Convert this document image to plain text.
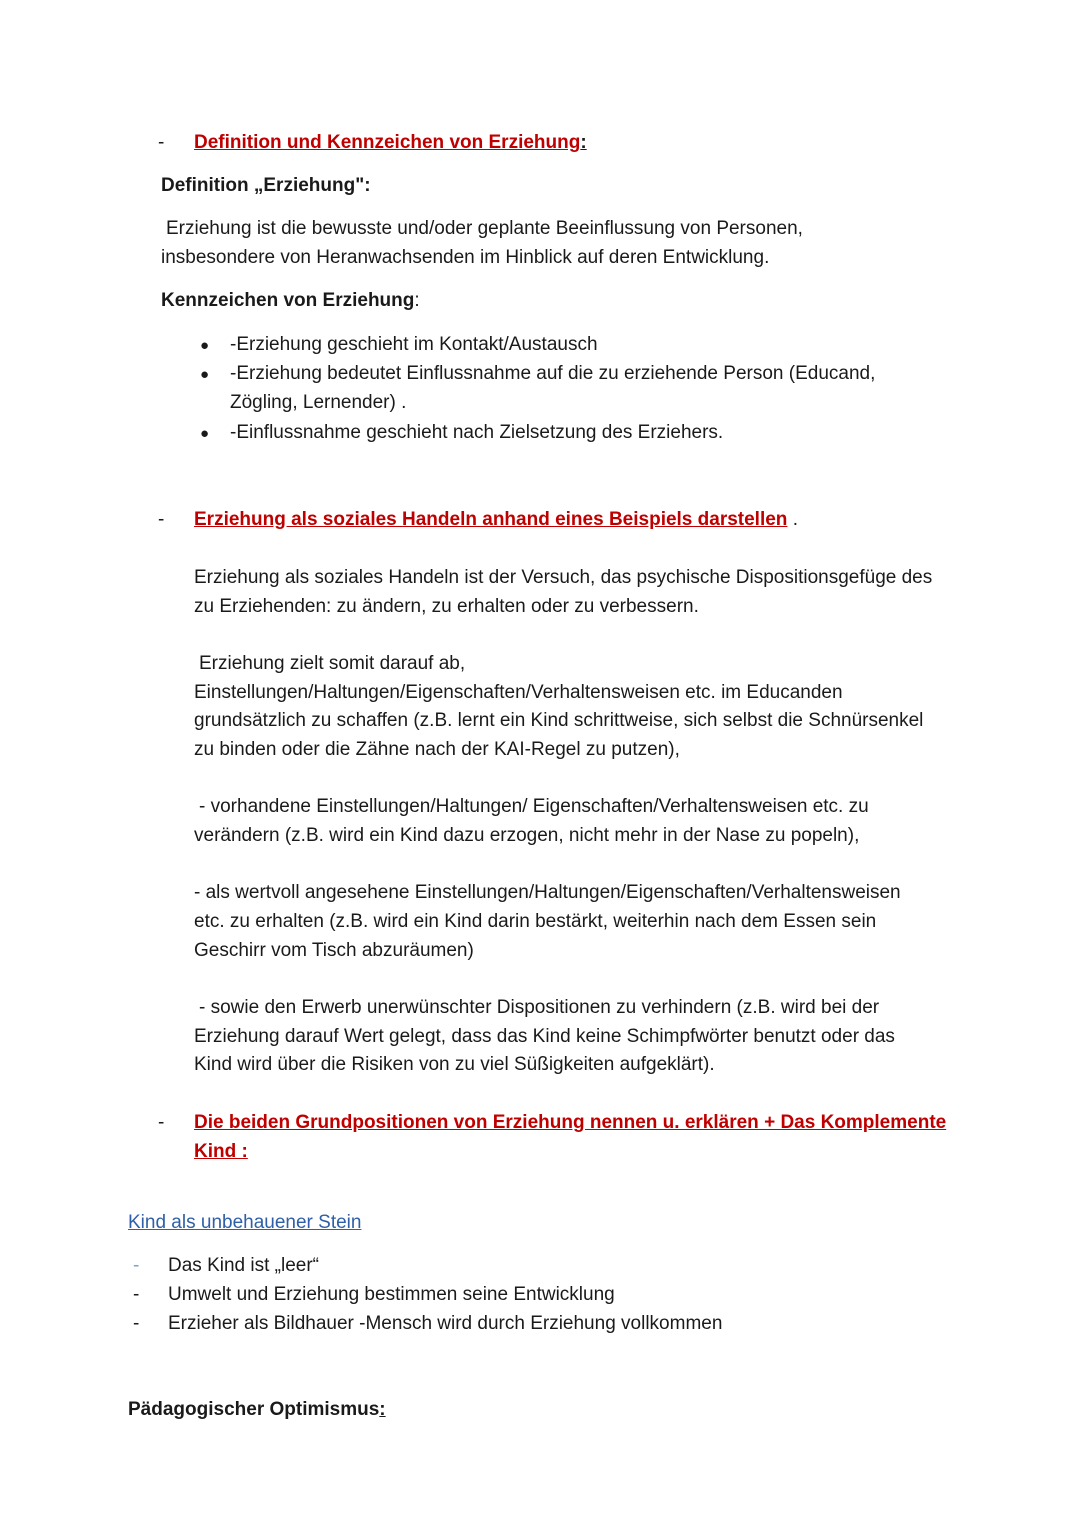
- Definition und Kennzeichen von Erziehung:
Definition „Erziehung":
Erziehung ist die bewusste und/oder geplante Beeinflussung von Personen,
insbesondere von Heranwachsenden im Hinblick auf deren Entwicklung.
Kennzeichen von Erziehung:
● -Erziehung geschieht im Kontakt/Austausch
● -Erziehung bedeutet Einflussnahme auf die zu erziehende Person (Educand,
Zögling, Lernender) .
● -Einflussnahme geschieht nach Zielsetzung des Erziehers.
- Erziehung als soziales Handeln anhand eines Beispiels darstellen .
Erziehung als soziales Handeln ist der Versuch, das psychische Dispositionsgefüge des
zu Erziehenden: zu ändern, zu erhalten oder zu verbessern.
Erziehung zielt somit darauf ab,
Einstellungen/Haltungen/Eigenschaften/Verhaltensweisen etc. im Educanden
grundsätzlich zu schaffen (z.B. lernt ein Kind schrittweise, sich selbst die Schnürsenkel
zu binden oder die Zähne nach der KAI-Regel zu putzen),
- vorhandene Einstellungen/Haltungen/ Eigenschaften/Verhaltensweisen etc. zu
verändern (z.B. wird ein Kind dazu erzogen, nicht mehr in der Nase zu popeln),
- als wertvoll angesehene Einstellungen/Haltungen/Eigenschaften/Verhaltensweisen
etc. zu erhalten (z.B. wird ein Kind darin bestärkt, weiterhin nach dem Essen sein
Geschirr vom Tisch abzuräumen)
- sowie den Erwerb unerwünschter Dispositionen zu verhindern (z.B. wird bei der
Erziehung darauf Wert gelegt, dass das Kind keine Schimpfwörter benutzt oder das
Kind wird über die Risiken von zu viel Süßigkeiten aufgeklärt).
- Die beiden Grundpositionen von Erziehung nennen u. erklären + Das Komplemente
Kind :
Kind als unbehauener Stein
- Das Kind ist „leer“
- Umwelt und Erziehung bestimmen seine Entwicklung
- Erzieher als Bildhauer -Mensch wird durch Erziehung vollkommen
Pädagogischer Optimismus:
